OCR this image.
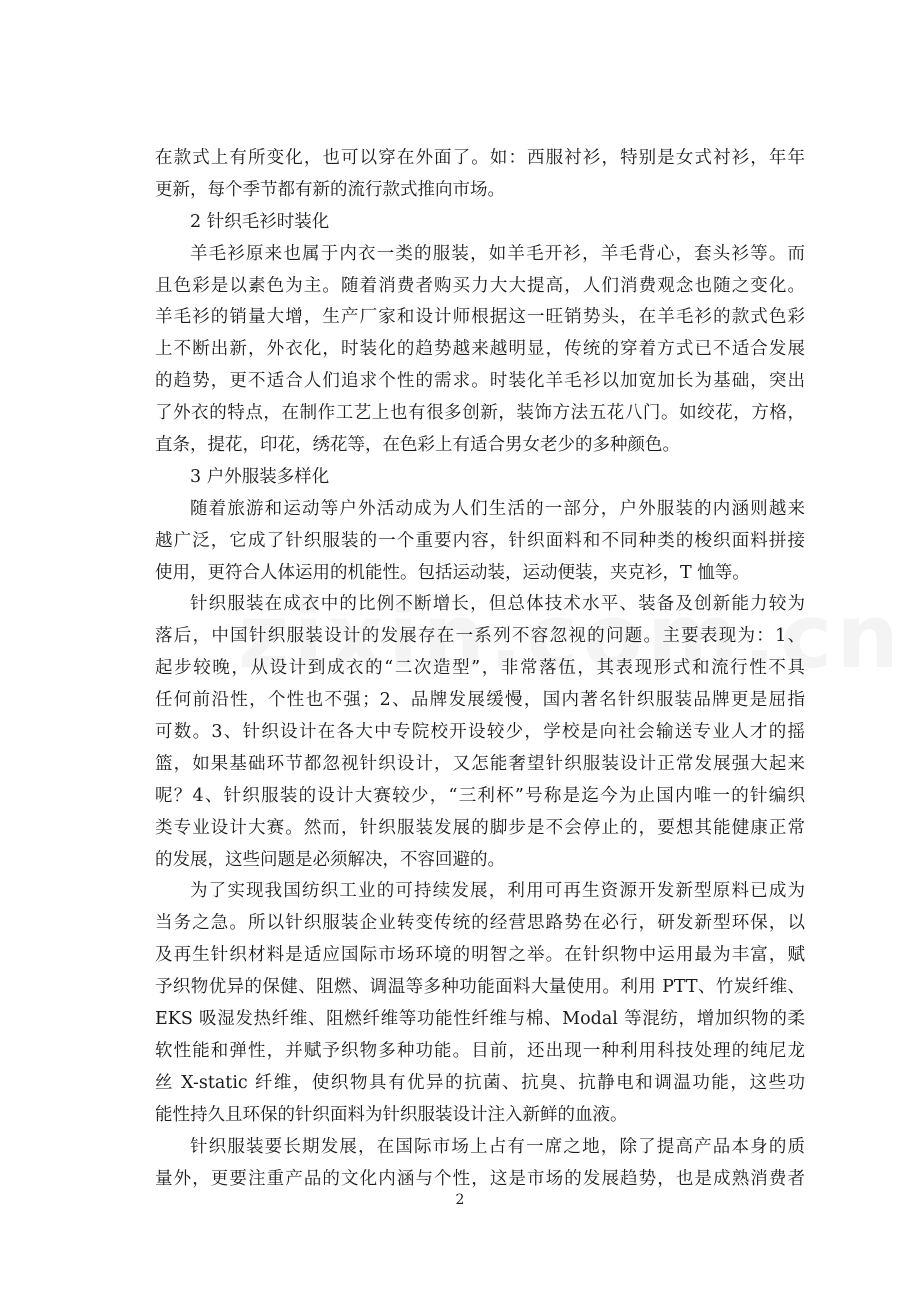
在款式上有所变化，也可以穿在外面了。如：西服衬衫，特别是女式衬衫，年年
更新，每个季节都有新的流行款式推向市场。
2 针织毛衫时装化
羊毛衫原来也属于内衣一类的服装，如羊毛开衫，羊毛背心，套头衫等。而
且色彩是以素色为主。随着消费者购买力大大提高，人们消费观念也随之变化。
羊毛衫的销量大增，生产厂家和设计师根据这一旺销势头，在羊毛衫的款式色彩
上不断出新，外衣化，时装化的趋势越来越明显，传统的穿着方式已不适合发展
的趋势，更不适合人们追求个性的需求。时装化羊毛衫以加宽加长为基础，突出
了外衣的特点，在制作工艺上也有很多创新，装饰方法五花八门。如绞花，方格，
直条，提花，印花，绣花等，在色彩上有适合男女老少的多种颜色。
3 户外服装多样化
随着旅游和运动等户外活动成为人们生活的一部分，户外服装的内涵则越来
越广泛，它成了针织服装的一个重要内容，针织面料和不同种类的梭织面料拼接
使用，更符合人体运用的机能性。包括运动装，运动便装，夹克衫，T 恤等。
针织服装在成衣中的比例不断增长，但总体技术水平、装备及创新能力较为
落后，中国针织服装设计的发展存在一系列不容忽视的问题。主要表现为：1、
起步较晚，从设计到成衣的“二次造型”，非常落伍，其表现形式和流行性不具
任何前沿性，个性也不强；2、品牌发展缓慢，国内著名针织服装品牌更是屈指
可数。3、针织设计在各大中专院校开设较少，学校是向社会输送专业人才的摇
篮，如果基础环节都忽视针织设计，又怎能奢望针织服装设计正常发展强大起来
呢？4、针织服装的设计大赛较少，“三利杯”号称是迄今为止国内唯一的针编织
类专业设计大赛。然而，针织服装发展的脚步是不会停止的，要想其能健康正常
的发展，这些问题是必须解决，不容回避的。
为了实现我国纺织工业的可持续发展，利用可再生资源开发新型原料已成为
当务之急。所以针织服装企业转变传统的经营思路势在必行，研发新型环保，以
及再生针织材料是适应国际市场环境的明智之举。在针织物中运用最为丰富，赋
予织物优异的保健、阻燃、调温等多种功能面料大量使用。利用 PTT、竹炭纤维、
EKS 吸湿发热纤维、阻燃纤维等功能性纤维与棉、Modal 等混纺，增加织物的柔
软性能和弹性，并赋予织物多种功能。目前，还出现一种利用科技处理的纯尼龙
丝 X-static 纤维，使织物具有优异的抗菌、抗臭、抗静电和调温功能，这些功
能性持久且环保的针织面料为针织服装设计注入新鲜的血液。
针织服装要长期发展，在国际市场上占有一席之地，除了提高产品本身的质
量外，更要注重产品的文化内涵与个性，这是市场的发展趋势，也是成熟消费者
2
